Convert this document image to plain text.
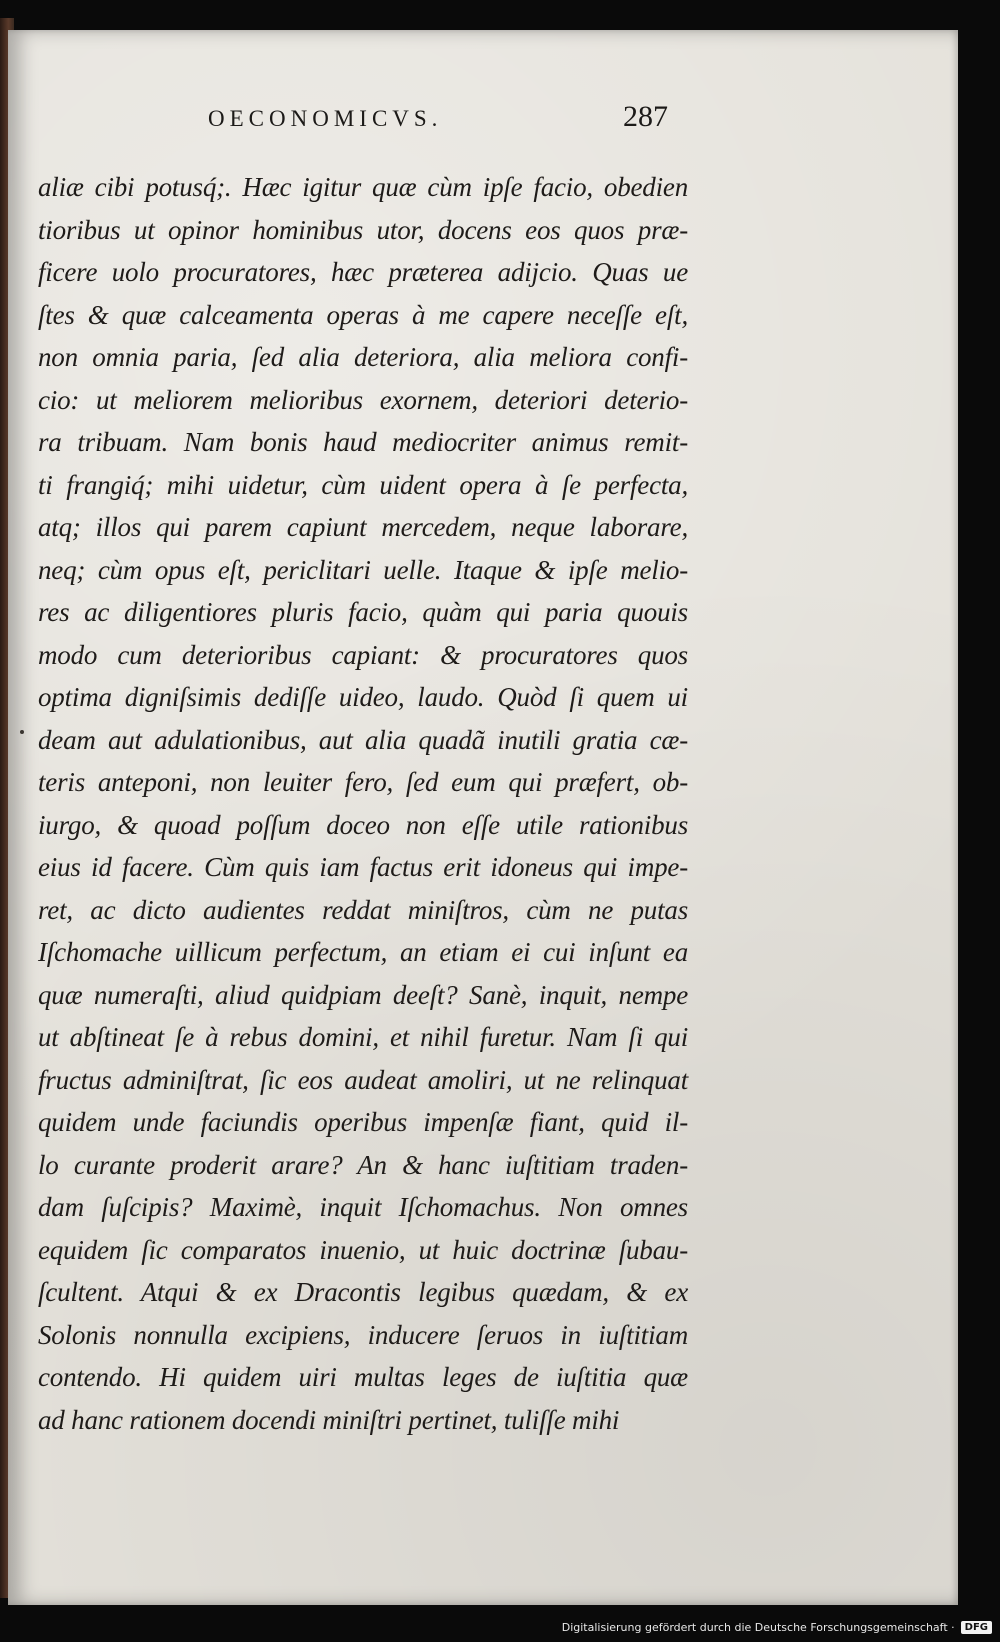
OECONOMICVS.	287
aliæ cibi potusq́;. Hæc igitur quæ cùm ipſe facio, obedien
tioribus ut opinor hominibus utor, docens eos quos præ-
ficere uolo procuratores, hæc præterea adijcio. Quas ue
ſtes & quæ calceamenta operas à me capere neceſſe eſt,
non omnia paria, ſed alia deteriora, alia meliora confi-
cio: ut meliorem melioribus exornem, deteriori deterio-
ra tribuam. Nam bonis haud mediocriter animus remit-
ti frangiq́; mihi uidetur, cùm uident opera à ſe perfecta,
atq; illos qui parem capiunt mercedem, neque laborare,
neq; cùm opus eſt, periclitari uelle. Itaque & ipſe melio-
res ac diligentiores pluris facio, quàm qui paria quouis
modo cum deterioribus capiant: & procuratores quos
optima digniſsimis dediſſe uideo, laudo. Quòd ſi quem ui
deam aut adulationibus, aut alia quadã inutili gratia cæ-
teris anteponi, non leuiter fero, ſed eum qui præfert, ob-
iurgo, & quoad poſſum doceo non eſſe utile rationibus
eius id facere. Cùm quis iam factus erit idoneus qui impe-
ret, ac dicto audientes reddat miniſtros, cùm ne putas
Iſchomache uillicum perfectum, an etiam ei cui inſunt ea
quæ numeraſti, aliud quidpiam deeſt? Sanè, inquit, nempe
ut abſtineat ſe à rebus domini, et nihil furetur. Nam ſi qui
fructus adminiſtrat, ſic eos audeat amoliri, ut ne relinquat
quidem unde faciundis operibus impenſæ fiant, quid il-
lo curante proderit arare? An & hanc iuſtitiam traden-
dam ſuſcipis? Maximè, inquit Iſchomachus. Non omnes
equidem ſic comparatos inuenio, ut huic doctrinæ ſubau-
ſcultent. Atqui & ex Dracontis legibus quædam, & ex
Solonis nonnulla excipiens, inducere ſeruos in iuſtitiam
contendo. Hi quidem uiri multas leges de iuſtitia quæ
ad hanc rationem docendi miniſtri pertinet, tuliſſe mihi
Digitalisierung gefördert durch die Deutsche Forschungsgemeinschaft ·	DFG
